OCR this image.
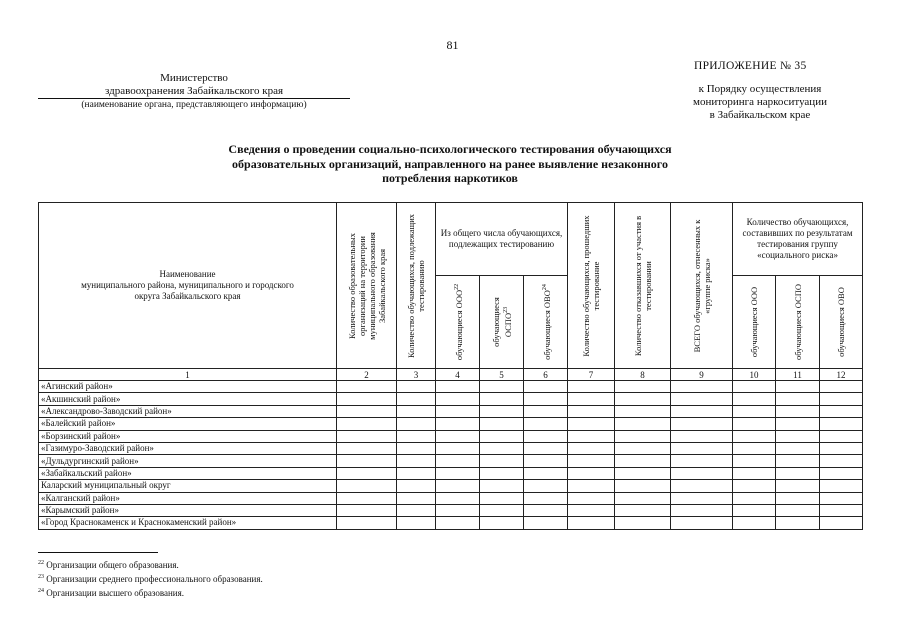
81
Министерство
здравоохранения Забайкальского края
(наименование органа, представляющего информацию)
ПРИЛОЖЕНИЕ № 35
к Порядку осуществления
мониторинга наркоситуации
в Забайкальском крае
Сведения о проведении социально-психологического тестирования обучающихся
образовательных организаций, направленного на ранее выявление незаконного
потребления наркотиков
Наименование
муниципального района, муниципального и городского
округа Забайкальского края	Количество образовательных организаций на территории муниципального образования Забайкальского края	Количество обучающихся, подлежащих тестированию	Из общего числа обучающихся, подлежащих тестированию			Количество обучающихся, прошедших тестирование	Количество отказавшихся от участия в тестировании	ВСЕГО обучающихся, отнесенных к «группе риска»	Количество обучающихся, составивших по результатам тестирования группу «социального риска»		

			обучающиеся ООО$^{22}$	обучающиеся ОСПО$^{23}$	обучающиеся ОВО$^{24}$				обучающиеся ООО	обучающиеся ОСПО	обучающиеся ОВО

1	2	3	4	5	6	7	8	9	10	11	12
«Агинский район»											
«Акшинский район»											
«Александрово-Заводский район»											
«Балейский район»											
«Борзинский район»											
«Газимуро-Заводский район»											
«Дульдургинский район»											
«Забайкальский район»											
Каларский муниципальный округ											
«Калганский район»											
«Карымский район»											
«Город Краснокаменск и Краснокаменский район»											
$^{22}$ Организации общего образования.
$^{23}$ Организации среднего профессионального образования.
$^{24}$ Организации высшего образования.
